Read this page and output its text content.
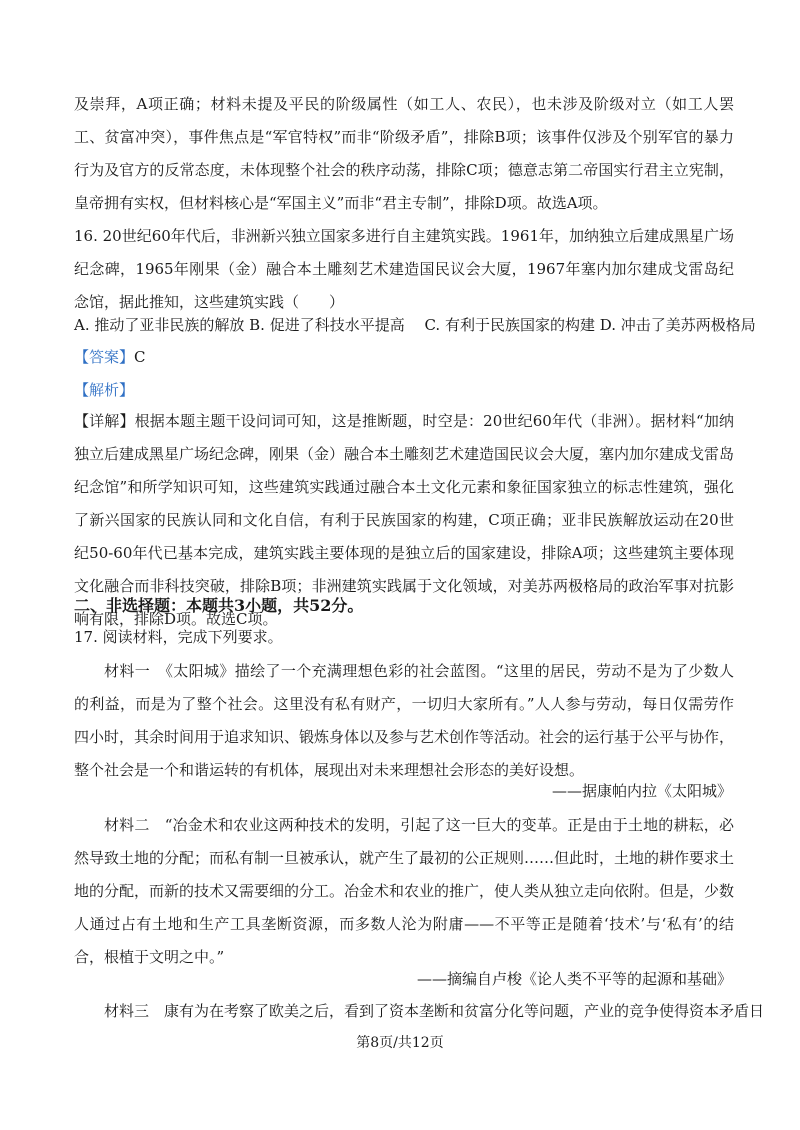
及崇拜，A项正确；材料未提及平民的阶级属性（如工人、农民），也未涉及阶级对立（如工人罢工、贫富冲突），事件焦点是“军官特权”而非“阶级矛盾”，排除B项；该事件仅涉及个别军官的暴力行为及官方的反常态度，未体现整个社会的秩序动荡，排除C项；德意志第二帝国实行君主立宪制，皇帝拥有实权，但材料核心是“军国主义”而非“君主专制”，排除D项。故选A项。

16. 20世纪60年代后，非洲新兴独立国家多进行自主建筑实践。1961年，加纳独立后建成黑星广场纪念碑，1965年刚果（金）融合本土雕刻艺术建造国民议会大厦，1967年塞内加尔建成戈雷岛纪念馆，据此推知，这些建筑实践（　　）

A. 推动了亚非民族的解放 B. 促进了科技水平提高　 C. 有利于民族国家的构建 D. 冲击了美苏两极格局

【答案】C

【解析】

【详解】根据本题主题干设问词可知，这是推断题，时空是：20世纪60年代（非洲）。据材料“加纳独立后建成黑星广场纪念碑，刚果（金）融合本土雕刻艺术建造国民议会大厦，塞内加尔建成戈雷岛纪念馆”和所学知识可知，这些建筑实践通过融合本土文化元素和象征国家独立的标志性建筑，强化了新兴国家的民族认同和文化自信，有利于民族国家的构建，C项正确；亚非民族解放运动在20世纪50-60年代已基本完成，建筑实践主要体现的是独立后的国家建设，排除A项；这些建筑主要体现文化融合而非科技突破，排除B项；非洲建筑实践属于文化领域，对美苏两极格局的政治军事对抗影响有限，排除D项。故选C项。

二、非选择题：本题共3小题，共52分。

17. 阅读材料，完成下列要求。

材料一　《太阳城》描绘了一个充满理想色彩的社会蓝图。“这里的居民，劳动不是为了少数人的利益，而是为了整个社会。这里没有私有财产，一切归大家所有。”人人参与劳动，每日仅需劳作四小时，其余时间用于追求知识、锻炼身体以及参与艺术创作等活动。社会的运行基于公平与协作，整个社会是一个和谐运转的有机体，展现出对未来理想社会形态的美好设想。

——据康帕内拉《太阳城》

材料二　“冶金术和农业这两种技术的发明，引起了这一巨大的变革。正是由于土地的耕耘，必然导致土地的分配；而私有制一旦被承认，就产生了最初的公正规则……但此时，土地的耕作要求土地的分配，而新的技术又需要细的分工。冶金术和农业的推广，使人类从独立走向依附。但是，少数人通过占有土地和生产工具垄断资源，而多数人沦为附庸——不平等正是随着‘技术’与‘私有’的结合，根植于文明之中。”

——摘编自卢梭《论人类不平等的起源和基础》

材料三　康有为在考察了欧美之后，看到了资本垄断和贫富分化等问题，产业的竞争使得资本矛盾日

第8页/共12页
